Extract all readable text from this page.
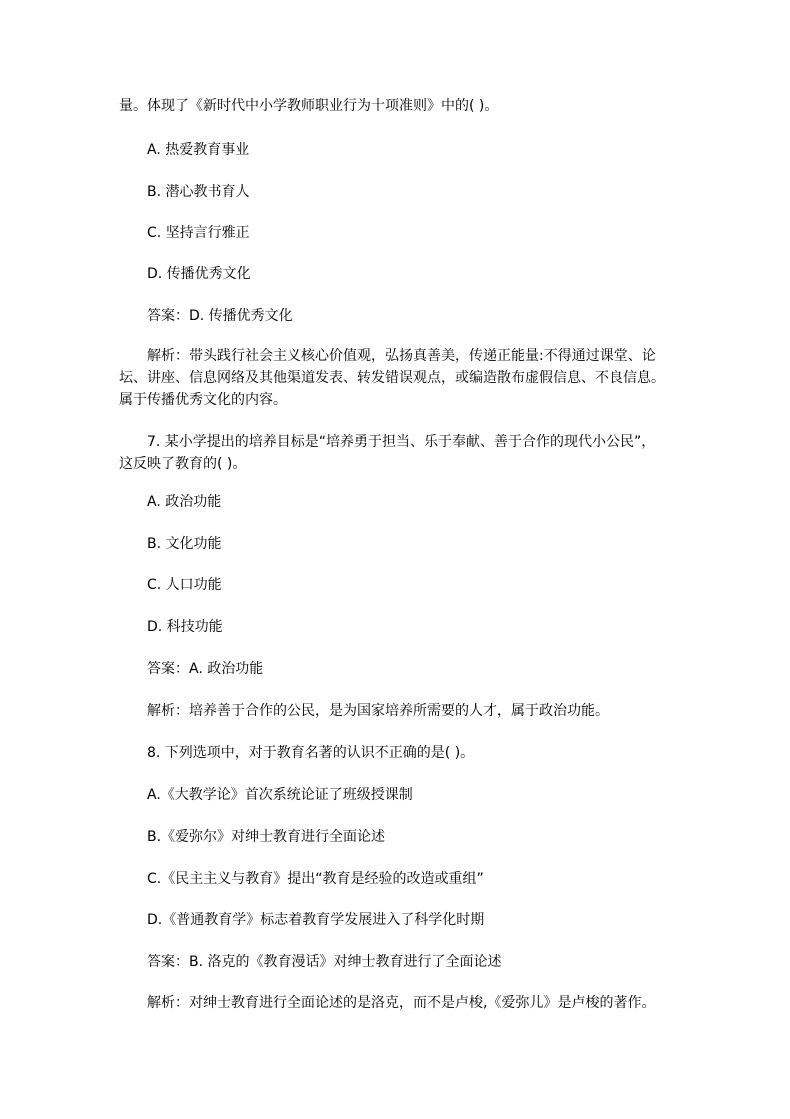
量。体现了《新时代中小学教师职业行为十项准则》中的( )。
A. 热爱教育事业
B. 潜心教书育人
C. 坚持言行雅正
D. 传播优秀文化
答案：D. 传播优秀文化
解析：带头践行社会主义核心价值观，弘扬真善美，传递正能量:不得通过课堂、论
坛、讲座、信息网络及其他渠道发表、转发错误观点，或编造散布虚假信息、不良信息。
属于传播优秀文化的内容。
7. 某小学提出的培养目标是“培养勇于担当、乐于奉献、善于合作的现代小公民”，
这反映了教育的( )。
A. 政治功能
B. 文化功能
C. 人口功能
D. 科技功能
答案：A. 政治功能
解析：培养善于合作的公民，是为国家培养所需要的人才，属于政治功能。
8. 下列选项中，对于教育名著的认识不正确的是( )。
A.《大教学论》首次系统论证了班级授课制
B.《爱弥尔》对绅士教育进行全面论述
C.《民主主义与教育》提出“教育是经验的改造或重组”
D.《普通教育学》标志着教育学发展进入了科学化时期
答案：B. 洛克的《教育漫话》对绅士教育进行了全面论述
解析：对绅士教育进行全面论述的是洛克，而不是卢梭,《爱弥儿》是卢梭的著作。
